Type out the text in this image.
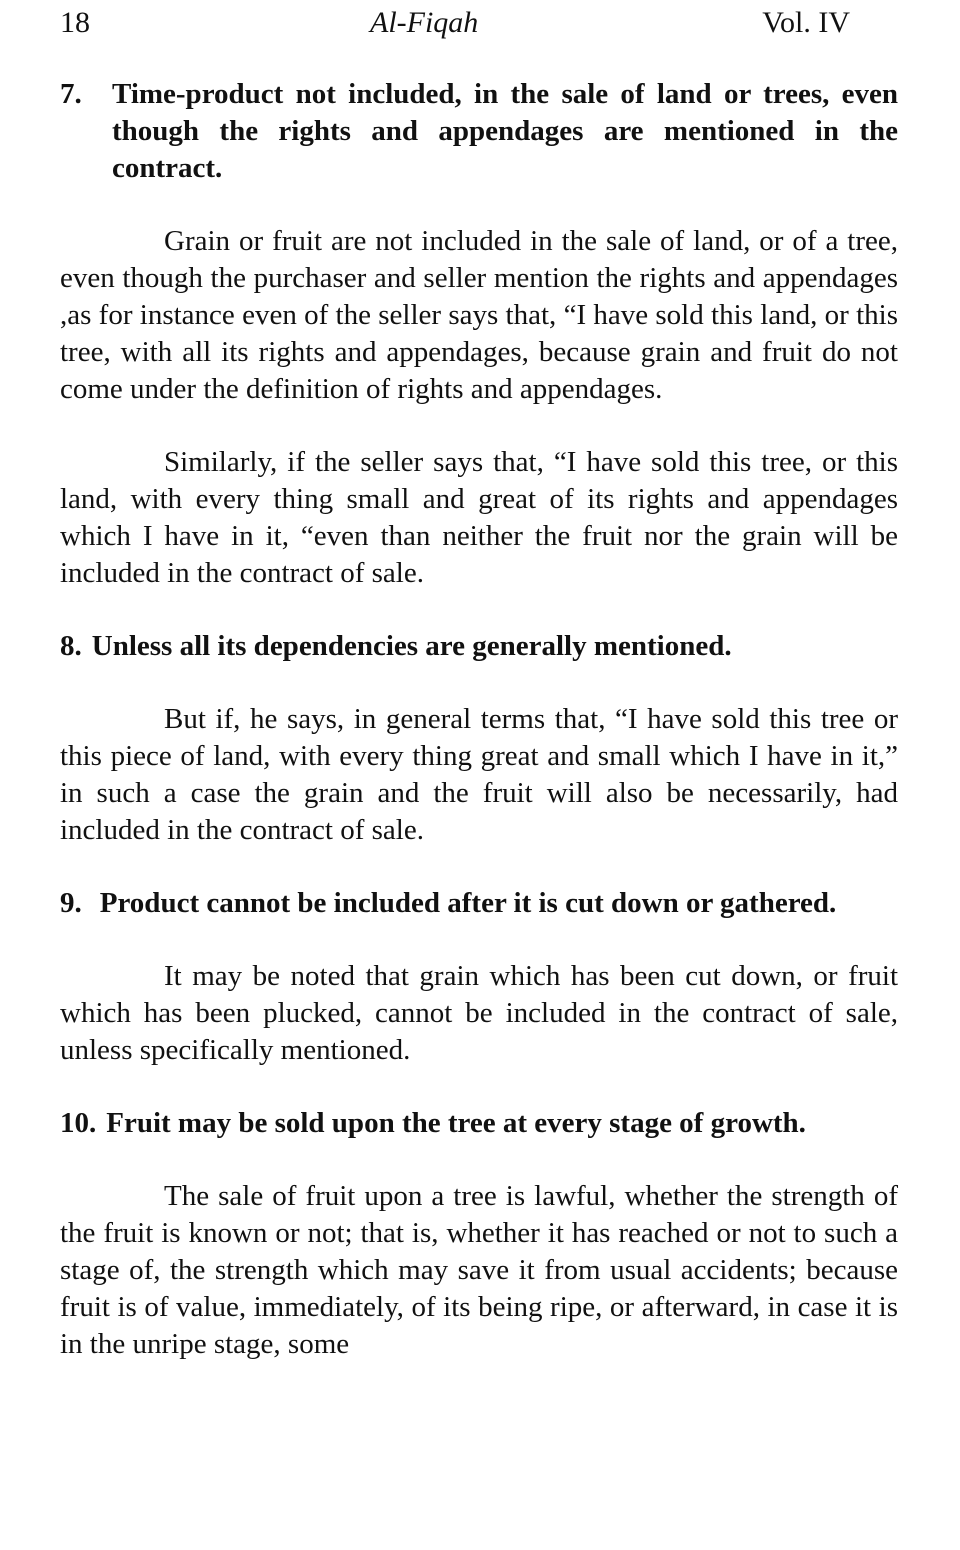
18	Al-Fiqah	Vol. IV
7.	Time-product not included, in the sale of land or trees, even though the rights and appendages are mentioned in the contract.

Grain or fruit are not included in the sale of land, or of a tree, even though the purchaser and seller mention the rights and appendages ,as for instance even of the seller says that, “I have sold this land, or this tree, with all its rights and appendages, because grain and fruit do not come under the definition of rights and appendages.

Similarly, if the seller says that, “I have sold this tree, or this land, with every thing small and great of its rights and appendages which I have in it, “even than neither the fruit nor the grain will be included in the contract of sale.

8. Unless all its dependencies are generally mentioned.

But if, he says, in general terms that, “I have sold this tree or this piece of land, with every thing great and small which I have in it,” in such a case the grain and the fruit will also be necessarily, had included in the contract of sale.

9. Product cannot be included after it is cut down or gathered.

It may be noted that grain which has been cut down, or fruit which has been plucked, cannot be included in the contract of sale, unless specifically mentioned.

10. Fruit may be sold upon the tree at every stage of growth.

The sale of fruit upon a tree is lawful, whether the strength of the fruit is known or not; that is, whether it has reached or not to such a stage of, the strength which may save it from usual accidents; because fruit is of value, immediately, of its being ripe, or afterward, in case it is in the unripe stage, some
